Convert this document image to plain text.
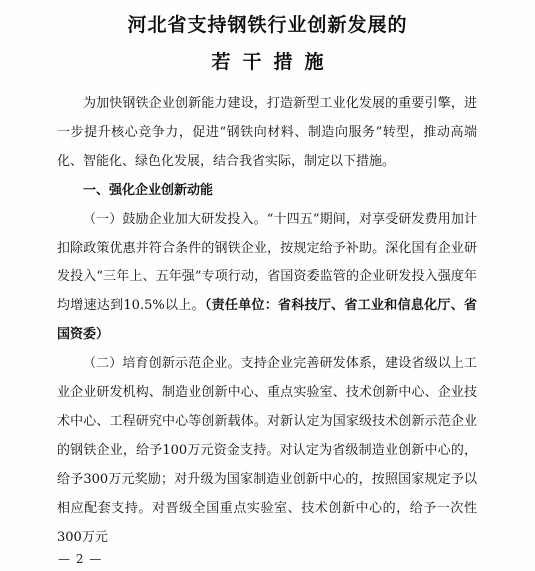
河北省支持钢铁行业创新发展的
若干措施

为加快钢铁企业创新能力建设，打造新型工业化发展的重要引擎，进一步提升核心竞争力，促进“钢铁向材料、制造向服务”转型，推动高端化、智能化、绿色化发展，结合我省实际，制定以下措施。

一、强化企业创新动能

（一）鼓励企业加大研发投入。“十四五”期间，对享受研发费用加计扣除政策优惠并符合条件的钢铁企业，按规定给予补助。深化国有企业研发投入“三年上、五年强”专项行动，省国资委监管的企业研发投入强度年均增速达到10.5%以上。（责任单位：省科技厅、省工业和信息化厅、省国资委）

（二）培育创新示范企业。支持企业完善研发体系，建设省级以上工业企业研发机构、制造业创新中心、重点实验室、技术创新中心、企业技术中心、工程研究中心等创新载体。对新认定为国家级技术创新示范企业的钢铁企业，给予100万元资金支持。对认定为省级制造业创新中心的，给予300万元奖励；对升级为国家制造业创新中心的，按照国家规定予以相应配套支持。对晋级全国重点实验室、技术创新中心的，给予一次性300万元

— 2 —
